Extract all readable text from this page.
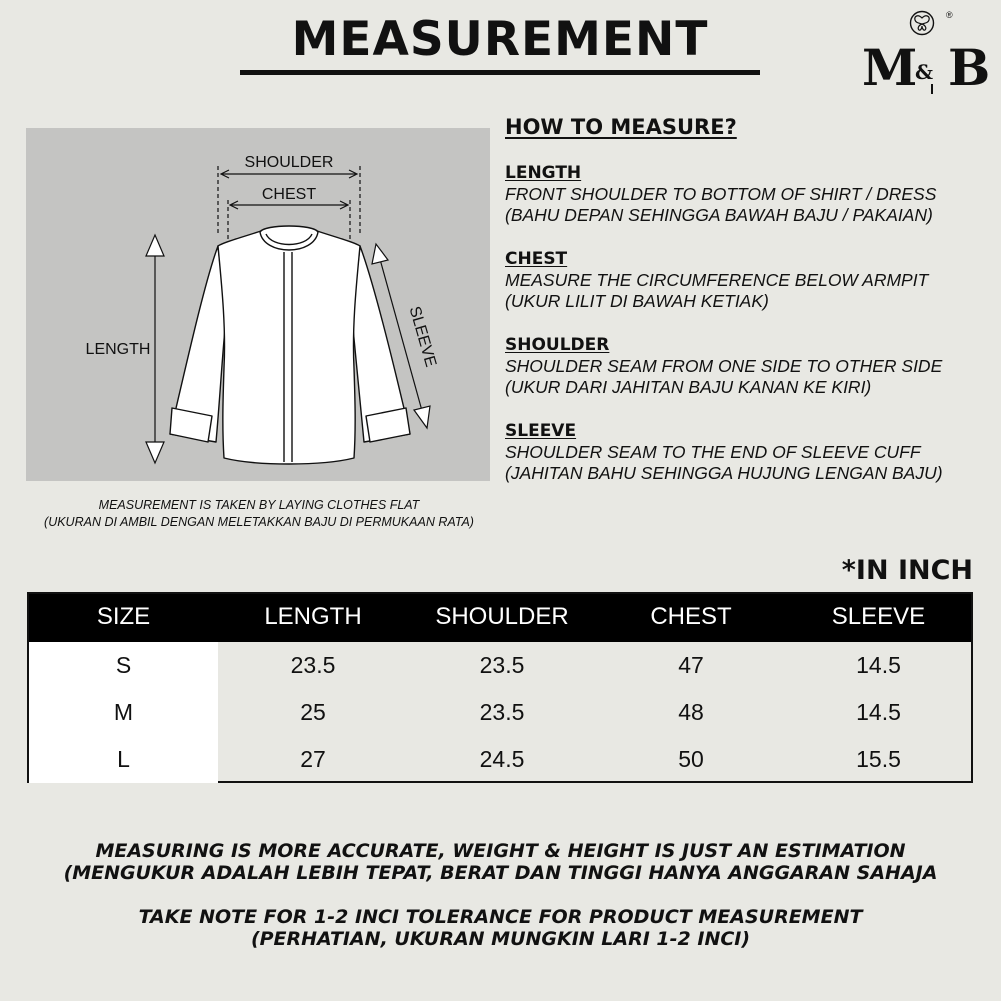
MEASUREMENT	®
M
& B
SHOULDER
CHEST
LENGTH	SLEEVE
MEASUREMENT IS TAKEN BY LAYING CLOTHES FLAT
(UKURAN DI AMBIL DENGAN MELETAKKAN BAJU DI PERMUKAAN RATA)
HOW TO MEASURE?
LENGTH
FRONT SHOULDER TO BOTTOM OF SHIRT / DRESS
(BAHU DEPAN SEHINGGA BAWAH BAJU / PAKAIAN)
CHEST
MEASURE THE CIRCUMFERENCE BELOW ARMPIT
(UKUR LILIT DI BAWAH KETIAK)
SHOULDER
SHOULDER SEAM FROM ONE SIDE TO OTHER SIDE
(UKUR DARI JAHITAN BAJU KANAN KE KIRI)
SLEEVE
SHOULDER SEAM TO THE END OF SLEEVE CUFF
(JAHITAN BAHU SEHINGGA HUJUNG LENGAN BAJU)
*IN INCH
SIZE	LENGTH	SHOULDER	CHEST	SLEEVE
S	23.5	23.5	47	14.5
M	25	23.5	48	14.5
L	27	24.5	50	15.5
MEASURING IS MORE ACCURATE, WEIGHT & HEIGHT IS JUST AN ESTIMATION
(MENGUKUR ADALAH LEBIH TEPAT, BERAT DAN TINGGI HANYA ANGGARAN SAHAJA
TAKE NOTE FOR 1-2 INCI TOLERANCE FOR PRODUCT MEASUREMENT
(PERHATIAN, UKURAN MUNGKIN LARI 1-2 INCI)
